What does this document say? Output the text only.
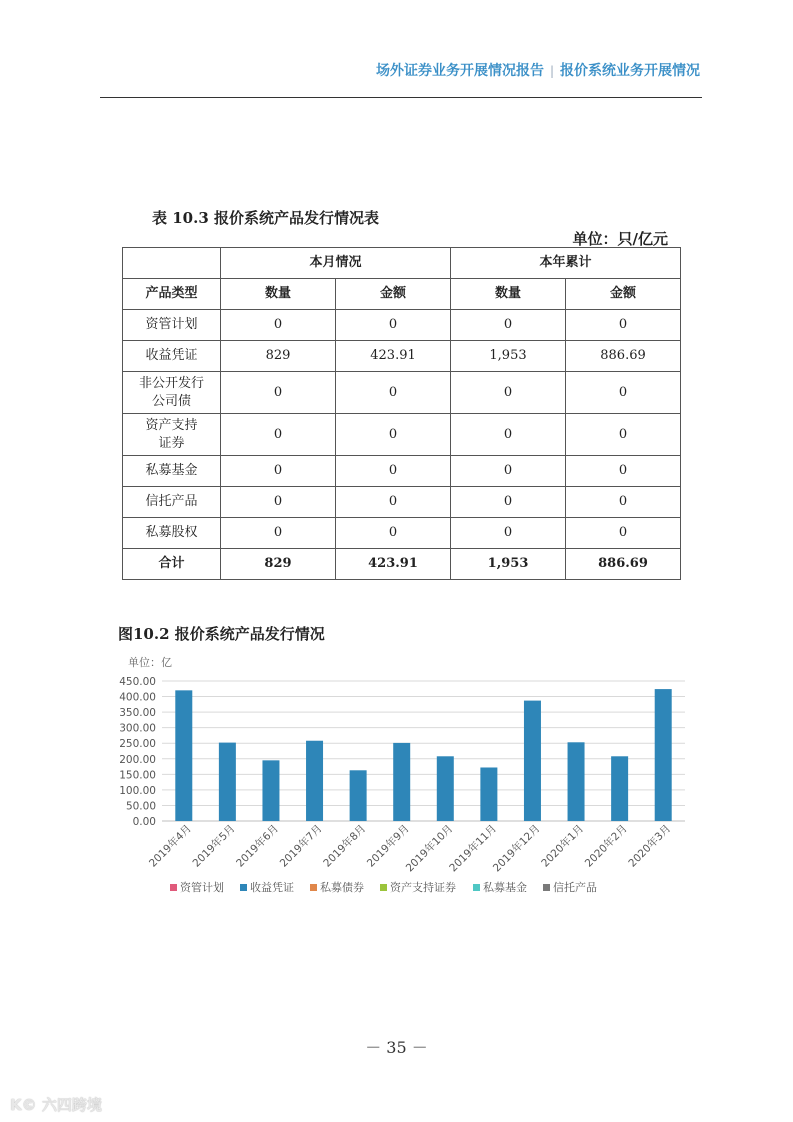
场外证券业务开展情况报告 | 报价系统业务开展情况
表 10.3 报价系统产品发行情况表
单位：只/亿元
	本月情况		本年累计	
产品类型	数量	金额	数量	金额
资管计划	0	0	0	0
收益凭证	829	423.91	1,953	886.69
非公开发行
公司债	0	0	0	0
资产支持
证券	0	0	0	0
私募基金	0	0	0	0
信托产品	0	0	0	0
私募股权	0	0	0	0
合计	829	423.91	1,953	886.69
图10.2 报价系统产品发行情况
单位：亿
0.00
50.00
100.00
150.00
200.00
250.00
300.00
350.00
400.00
450.00
2019年4月
2019年5月
2019年6月
2019年7月
2019年8月
2019年9月
2019年10月
2019年11月
2019年12月
2020年1月
2020年2月
2020年3月
资管计划 收益凭证 私募债券 资产支持证券 私募基金 信托产品
－ 35 －
K© 六四跨境
